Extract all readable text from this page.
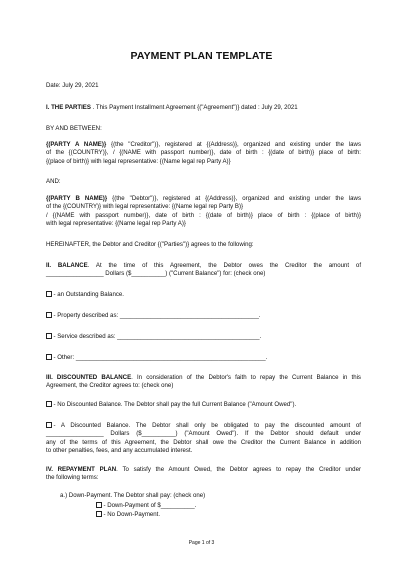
PAYMENT PLAN TEMPLATE
Date: July 29, 2021
I. THE PARTIES . This Payment Installment Agreement {("Agreement")} dated : July 29, 2021
BY AND BETWEEN:
{(PARTY A NAME)} {(the "Creditor")}, registered at {(Address)}, organized and existing under the laws
of the {(COUNTRY)}, / {(NAME with passport number)}, date of birth : {(date of birth)} place of birth:
{(place of birth)} with legal representative: {(Name legal rep Party A)}
AND:
{(PARTY B NAME)} {(the "Debtor")}, registered at {(Address)}, organized and existing under the laws
of the {(COUNTRY)} with legal representative: {(Name legal rep Party B)}
/ {(NAME with passport number)}, date of birth : {(date of birth)} place of birth : {(place of birth)}
with legal representative: {(Name legal rep Party A)}
HEREINAFTER, the Debtor and Creditor {("Parties")} agrees to the following:
II. BALANCE. At the time of this Agreement, the Debtor owes the Creditor the amount of
_________________ Dollars ($__________) ("Current Balance") for: (check one)
- an Outstanding Balance.
- Property described as: _________________________________________.
- Service described as: __________________________________________.
- Other: ________________________________________________________.
III. DISCOUNTED BALANCE. In consideration of the Debtor's faith to repay the Current Balance in this
Agreement, the Creditor agrees to: (check one)
- No Discounted Balance. The Debtor shall pay the full Current Balance ("Amount Owed").
- A Discounted Balance. The Debtor shall only be obligated to pay the discounted amount of
_________________ Dollars ($__________) ("Amount Owed"). If the Debtor should default under
any of the terms of this Agreement, the Debtor shall owe the Creditor the Current Balance in addition
to other penalties, fees, and any accumulated interest.
IV. REPAYMENT PLAN. To satisfy the Amount Owed, the Debtor agrees to repay the Creditor under
the following terms:
a.) Down-Payment. The Debtor shall pay: (check one)
- Down-Payment of $__________.
- No Down-Payment.
Page 1 of 3
